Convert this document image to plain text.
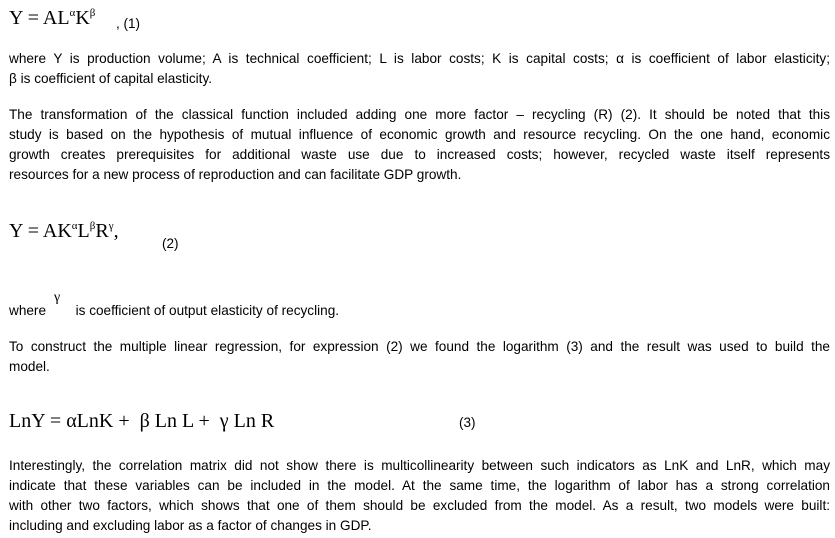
$Y = AL^\alpha K^\beta$
, (1)
where Y is production volume; A is technical coefficient; L is labor costs; K is capital costs; α is coefficient of labor elasticity;
β is coefficient of capital elasticity.
The transformation of the classical function included adding one more factor – recycling (R) (2). It should be noted that this
study is based on the hypothesis of mutual influence of economic growth and resource recycling. On the one hand, economic
growth creates prerequisites for additional waste use due to increased costs; however, recycled waste itself represents
resources for a new process of reproduction and can facilitate GDP growth.
$Y = AK^\alpha L^\beta R^\gamma$,
(2)
where is coefficient of output elasticity of recycling.
γ
To construct the multiple linear regression, for expression (2) we found the logarithm (3) and the result was used to build the
model.
LnY = αLnK +  β Ln L +  γ Ln R	(3)
Interestingly, the correlation matrix did not show there is multicollinearity between such indicators as LnK and LnR, which may
indicate that these variables can be included in the model. At the same time, the logarithm of labor has a strong correlation
with other two factors, which shows that one of them should be excluded from the model. As a result, two models were built:
including and excluding labor as a factor of changes in GDP.
